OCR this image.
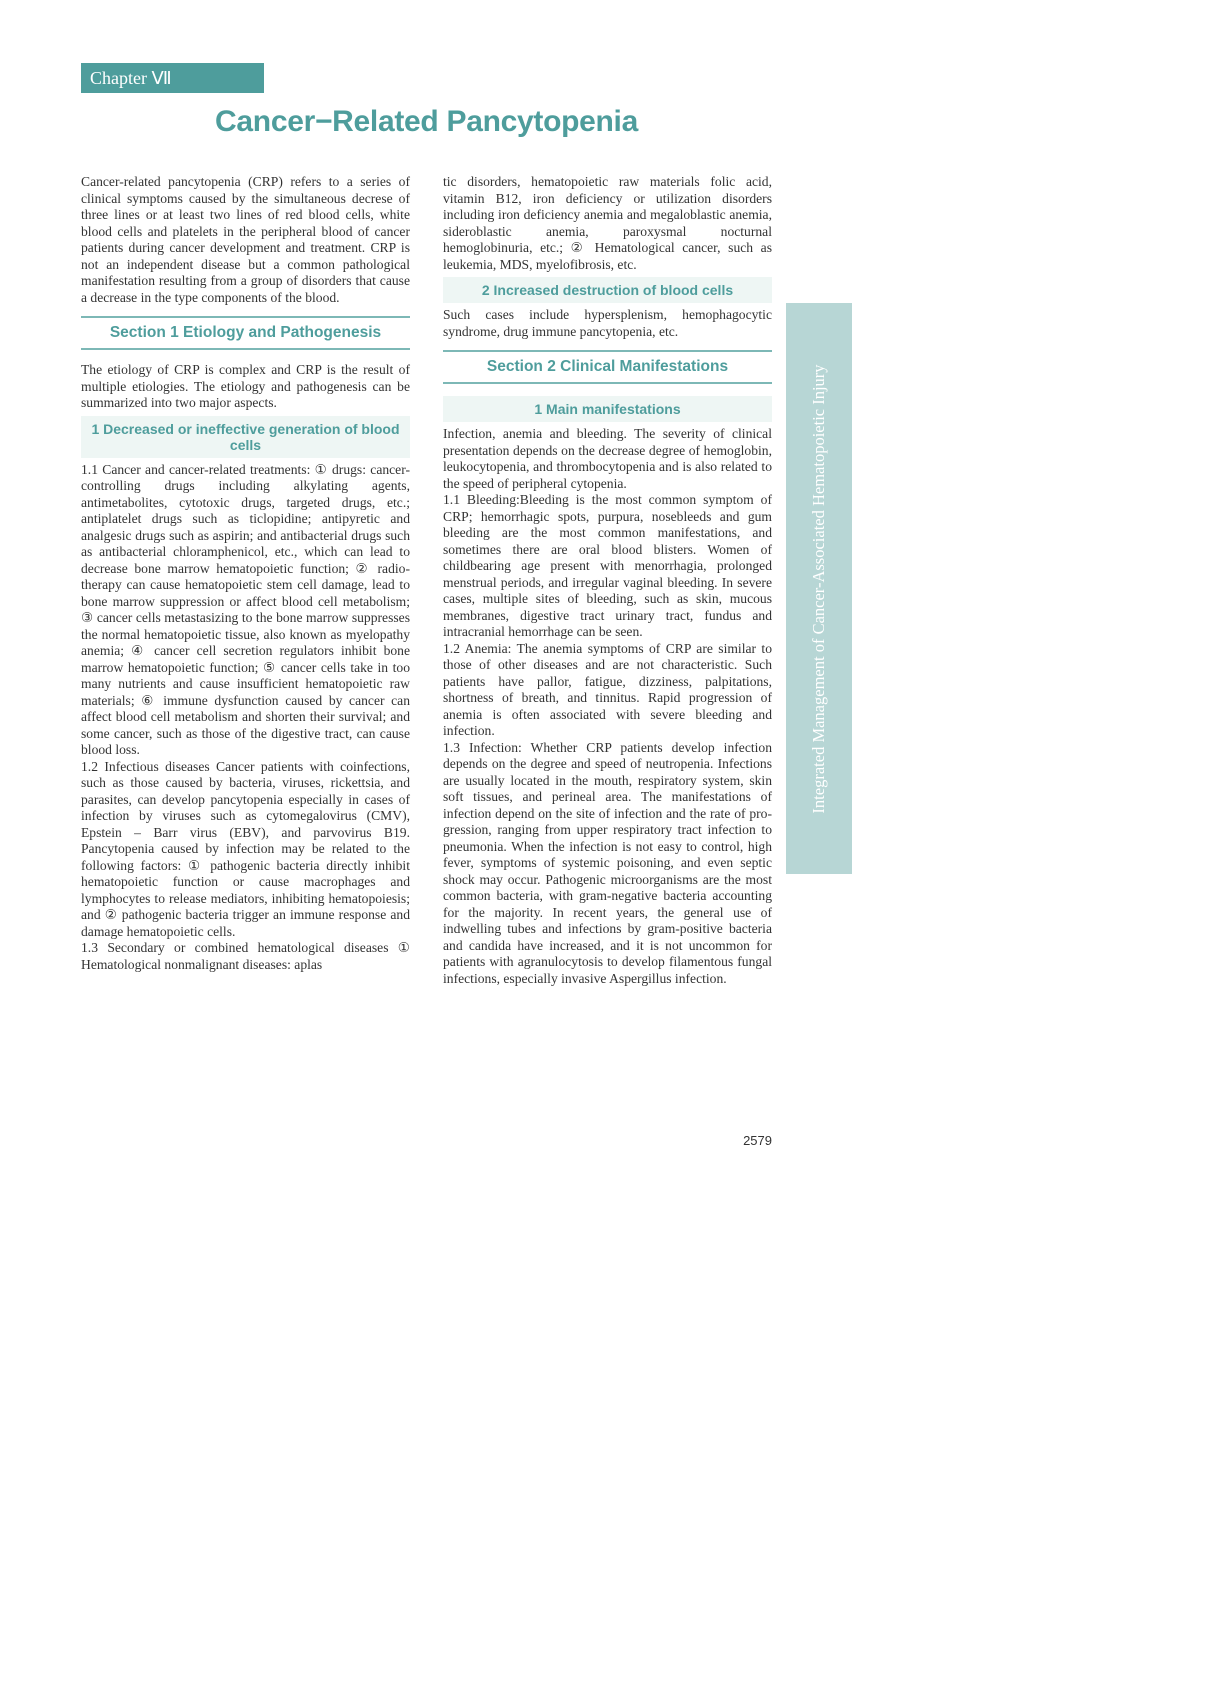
Chapter Ⅶ
Cancer−Related Pancytopenia

Cancer-related pancytopenia (CRP) refers to a series of clinical symptoms caused by the simultaneous decrese of three lines or at least two lines of red blood cells, white blood cells and platelets in the peripheral blood of cancer patients during cancer development and treatment. CRP is not an independent disease but a common pathological manifestation resulting from a group of disorders that cause a decrease in the type components of the blood.

Section 1 Etiology and Pathogenesis

The etiology of CRP is complex and CRP is the result of multiple etiologies. The etiology and pathogenesis can be summarized into two major aspects.

1 Decreased or ineffective generation of blood cells

1.1 Cancer and cancer-related treatments: ① drugs: cancer-controlling drugs including alkylating agents, antimetabolites, cytotoxic drugs, targeted drugs, etc.; antiplatelet drugs such as ticlopidine; antipyretic and analgesic drugs such as aspirin; and antibacterial drugs such as antibacterial chloramphenicol, etc., which can lead to decrease bone marrow hematopoietic function; ② radiotherapy can cause hematopoietic stem cell damage, lead to bone marrow suppression or affect blood cell metabolism; ③ cancer cells metastasizing to the bone marrow suppresses the normal hematopoietic tissue, also known as myelopathy anemia; ④ cancer cell secretion regulators inhibit bone marrow hematopoietic function; ⑤ cancer cells take in too many nutrients and cause insufficient hematopoietic raw materials; ⑥ immune dysfunction caused by cancer can affect blood cell metabolism and shorten their survival; and some cancer, such as those of the digestive tract, can cause blood loss.

1.2 Infectious diseases Cancer patients with coinfections, such as those caused by bacteria, viruses, rickettsia, and parasites, can develop pancytopenia especially in cases of infection by viruses such as cytomegalovirus (CMV), Epstein – Barr virus (EBV), and parvovirus B19. Pancytopenia caused by infection may be related to the following factors: ① pathogenic bacteria directly inhibit hematopoietic function or cause macrophages and lymphocytes to release mediators, inhibiting hematopoiesis; and ② pathogenic bacteria trigger an immune response and damage hematopoietic cells.

1.3 Secondary or combined hematological diseases ① Hematological nonmalignant diseases: aplas

tic disorders, hematopoietic raw materials folic acid, vitamin B12, iron deficiency or utilization disorders including iron deficiency anemia and megaloblastic anemia, sideroblastic anemia, paroxysmal nocturnal hemoglobinuria, etc.; ② Hematological cancer, such as leukemia, MDS, myelofibrosis, etc.

2 Increased destruction of blood cells

Such cases include hypersplenism, hemophagocytic syndrome, drug immune pancytopenia, etc.

Section 2 Clinical Manifestations
1 Main manifestations

Infection, anemia and bleeding. The severity of clinical presentation depends on the decrease degree of hemoglobin, leukocytopenia, and thrombocytopenia and is also related to the speed of peripheral cytopenia.

1.1 Bleeding:Bleeding is the most common symptom of CRP; hemorrhagic spots, purpura, nosebleeds and gum bleeding are the most common manifestations, and sometimes there are oral blood blisters. Women of childbearing age present with menorrhagia, prolonged menstrual periods, and irregular vaginal bleeding. In severe cases, multiple sites of bleeding, such as skin, mucous membranes, digestive tract urinary tract, fundus and intracranial hemorrhage can be seen.

1.2 Anemia: The anemia symptoms of CRP are similar to those of other diseases and are not characteristic. Such patients have pallor, fatigue, dizziness, palpitations, shortness of breath, and tinnitus. Rapid progression of anemia is often associated with severe bleeding and infection.

1.3 Infection: Whether CRP patients develop infection depends on the degree and speed of neutropenia. Infections are usually located in the mouth, respiratory system, skin soft tissues, and perineal area. The manifestations of infection depend on the site of infection and the rate of progression, ranging from upper respiratory tract infection to pneumonia. When the infection is not easy to control, high fever, symptoms of systemic poisoning, and even septic shock may occur. Pathogenic microorganisms are the most common bacteria, with gram-negative bacteria accounting for the majority. In recent years, the general use of indwelling tubes and infections by gram-positive bacteria and candida have increased, and it is not uncommon for patients with agranulocytosis to develop filamentous fungal infections, especially invasive Aspergillus infection.

Integrated Management of Cancer-Associated Hematopoietic Injury
2579
